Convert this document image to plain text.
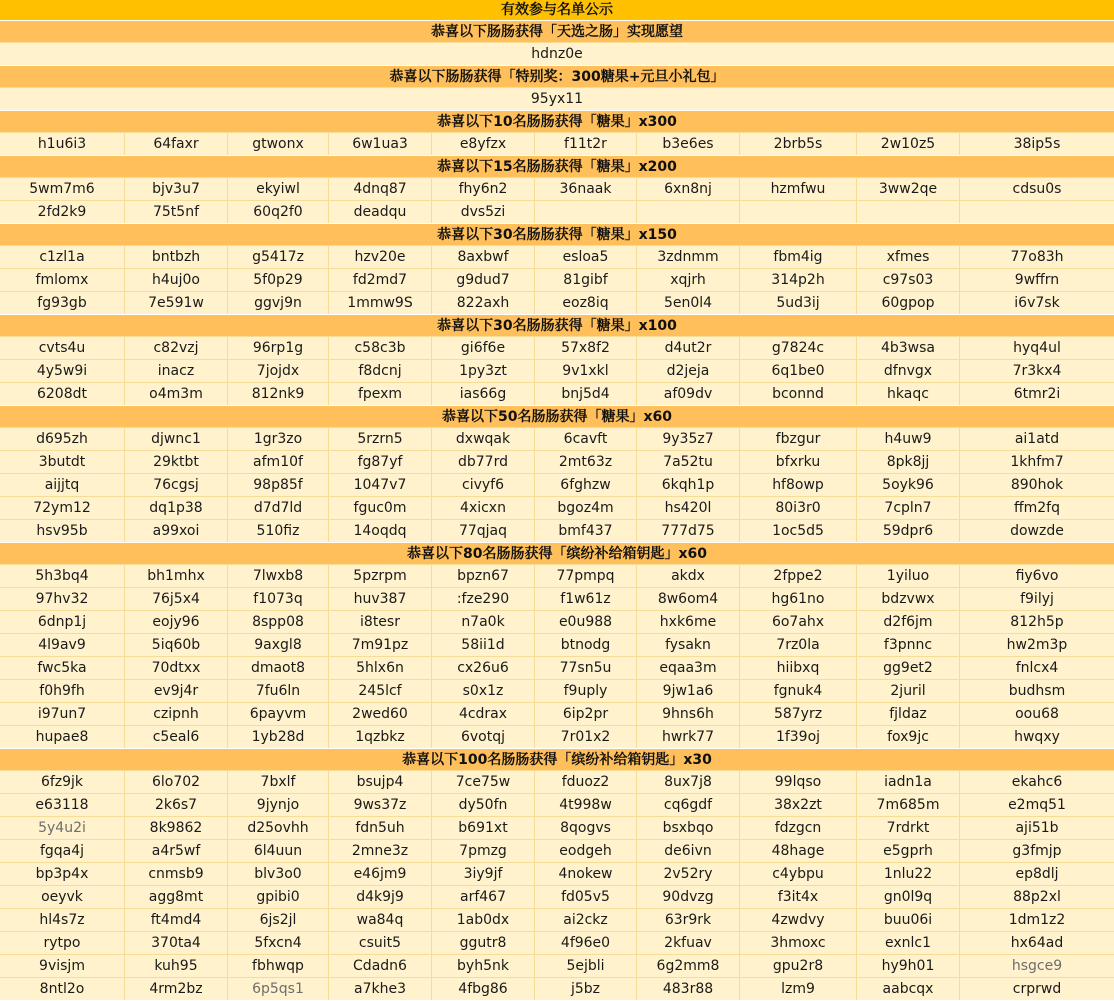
有效参与名单公示
恭喜以下肠肠获得「天选之肠」实现愿望
hdnz0e
恭喜以下肠肠获得「特别奖：300糖果+元旦小礼包」
95yx11
恭喜以下10名肠肠获得「糖果」x300
h1u6i3	64faxr	gtwonx	6w1ua3	e8yfzx	f11t2r	b3e6es	2brb5s	2w10z5	38ip5s
恭喜以下15名肠肠获得「糖果」x200
5wm7m6	bjv3u7	ekyiwl	4dnq87	fhy6n2	36naak	6xn8nj	hzmfwu	3ww2qe	cdsu0s
2fd2k9	75t5nf	60q2f0	deadqu	dvs5zi
恭喜以下30名肠肠获得「糖果」x150
c1zl1a	bntbzh	g5417z	hzv20e	8axbwf	esloa5	3zdnmm	fbm4ig	xfmes	77o83h
fmlomx	h4uj0o	5f0p29	fd2md7	g9dud7	81gibf	xqjrh	314p2h	c97s03	9wffrn
fg93gb	7e591w	ggvj9n	1mmw9S	822axh	eoz8iq	5en0l4	5ud3ij	60gpop	i6v7sk
恭喜以下30名肠肠获得「糖果」x100
cvts4u	c82vzj	96rp1g	c58c3b	gi6f6e	57x8f2	d4ut2r	g7824c	4b3wsa	hyq4ul
4y5w9i	inacz	7jojdx	f8dcnj	1py3zt	9v1xkl	d2jeja	6q1be0	dfnvgx	7r3kx4
6208dt	o4m3m	812nk9	fpexm	ias66g	bnj5d4	af09dv	bconnd	hkaqc	6tmr2i
恭喜以下50名肠肠获得「糖果」x60
d695zh	djwnc1	1gr3zo	5rzrn5	dxwqak	6cavft	9y35z7	fbzgur	h4uw9	ai1atd
3butdt	29ktbt	afm10f	fg87yf	db77rd	2mt63z	7a52tu	bfxrku	8pk8jj	1khfm7
aijjtq	76cgsj	98p85f	1047v7	civyf6	6fghzw	6kqh1p	hf8owp	5oyk96	890hok
72ym12	dq1p38	d7d7ld	fguc0m	4xicxn	bgoz4m	hs420l	80i3r0	7cpln7	ffm2fq
hsv95b	a99xoi	510fiz	14oqdq	77qjaq	bmf437	777d75	1oc5d5	59dpr6	dowzde
恭喜以下80名肠肠获得「缤纷补给箱钥匙」x60
5h3bq4	bh1mhx	7lwxb8	5pzrpm	bpzn67	77pmpq	akdx	2fppe2	1yiluo	fiy6vo
97hv32	76j5x4	f1073q	huv387	:fze290	f1w61z	8w6om4	hg61no	bdzvwx	f9ilyj
6dnp1j	eojy96	8spp08	i8tesr	n7a0k	e0u988	hxk6me	6o7ahx	d2f6jm	812h5p
4l9av9	5iq60b	9axgl8	7m91pz	58ii1d	btnodg	fysakn	7rz0la	f3pnnc	hw2m3p
fwc5ka	70dtxx	dmaot8	5hlx6n	cx26u6	77sn5u	eqaa3m	hiibxq	gg9et2	fnlcx4
f0h9fh	ev9j4r	7fu6ln	245lcf	s0x1z	f9uply	9jw1a6	fgnuk4	2juril	budhsm
i97un7	czipnh	6payvm	2wed60	4cdrax	6ip2pr	9hns6h	587yrz	fjldaz	oou68
hupae8	c5eal6	1yb28d	1qzbkz	6votqj	7r01x2	hwrk77	1f39oj	fox9jc	hwqxy
恭喜以下100名肠肠获得「缤纷补给箱钥匙」x30
6fz9jk	6lo702	7bxlf	bsujp4	7ce75w	fduoz2	8ux7j8	99lqso	iadn1a	ekahc6
e63118	2k6s7	9jynjo	9ws37z	dy50fn	4t998w	cq6gdf	38x2zt	7m685m	e2mq51
5y4u2i	8k9862	d25ovhh	fdn5uh	b691xt	8qogvs	bsxbqo	fdzgcn	7rdrkt	aji51b
fgqa4j	a4r5wf	6l4uun	2mne3z	7pmzg	eodgeh	de6ivn	48hage	e5gprh	g3fmjp
bp3p4x	cnmsb9	blv3o0	e46jm9	3iy9jf	4nokew	2v52ry	c4ybpu	1nlu22	ep8dlj
oeyvk	agg8mt	gpibi0	d4k9j9	arf467	fd05v5	90dvzg	f3it4x	gn0l9q	88p2xl
hl4s7z	ft4md4	6js2jl	wa84q	1ab0dx	ai2ckz	63r9rk	4zwdvy	buu06i	1dm1z2
rytpo	370ta4	5fxcn4	csuit5	ggutr8	4f96e0	2kfuav	3hmoxc	exnlc1	hx64ad
9visjm	kuh95	fbhwqp	Cdadn6	byh5nk	5ejbli	6g2mm8	gpu2r8	hy9h01	hsgce9
8ntl2o	4rm2bz	6p5qs1	a7khe3	4fbg86	j5bz	483r88	lzm9	aabcqx	crprwd
